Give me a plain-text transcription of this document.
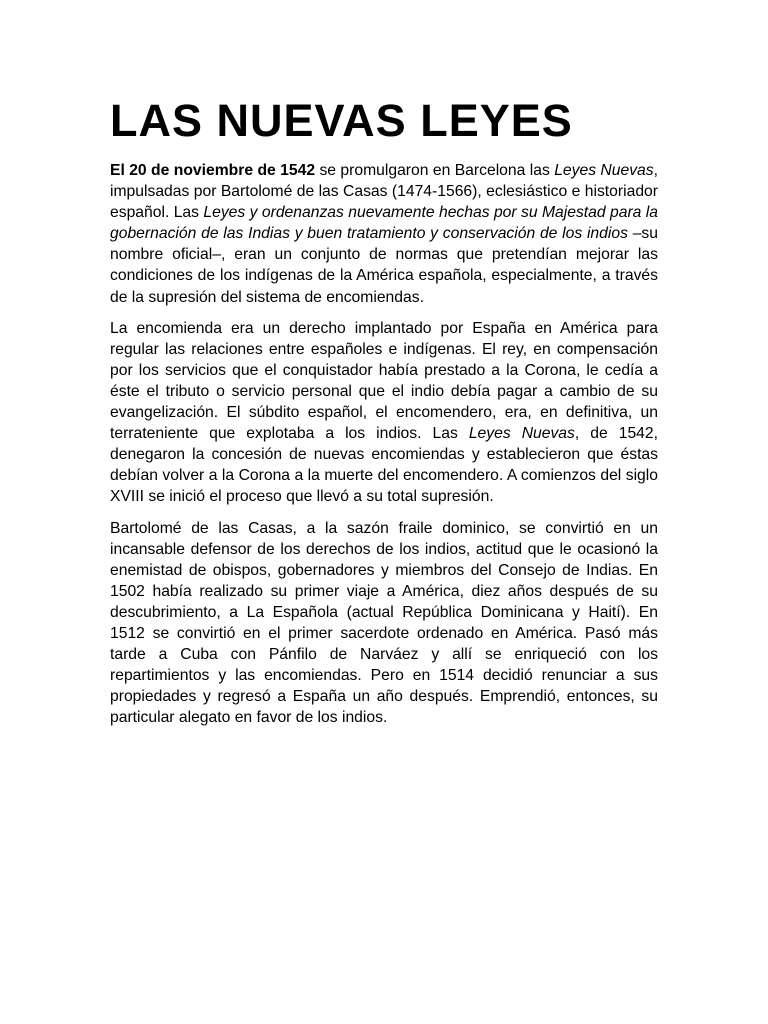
LAS NUEVAS LEYES

El 20 de noviembre de 1542 se promulgaron en Barcelona las Leyes Nuevas, impulsadas por Bartolomé de las Casas (1474-1566), eclesiástico e historiador español. Las Leyes y ordenanzas nuevamente hechas por su Majestad para la gobernación de las Indias y buen tratamiento y conservación de los indios –su nombre oficial–, eran un conjunto de normas que pretendían mejorar las condiciones de los indígenas de la América española, especialmente, a través de la supresión del sistema de encomiendas.

La encomienda era un derecho implantado por España en América para regular las relaciones entre españoles e indígenas. El rey, en compensación por los servicios que el conquistador había prestado a la Corona, le cedía a éste el tributo o servicio personal que el indio debía pagar a cambio de su evangelización. El súbdito español, el encomendero, era, en definitiva, un terrateniente que explotaba a los indios. Las Leyes Nuevas, de 1542, denegaron la concesión de nuevas encomiendas y establecieron que éstas debían volver a la Corona a la muerte del encomendero. A comienzos del siglo XVIII se inició el proceso que llevó a su total supresión.

Bartolomé de las Casas, a la sazón fraile dominico, se convirtió en un incansable defensor de los derechos de los indios, actitud que le ocasionó la enemistad de obispos, gobernadores y miembros del Consejo de Indias. En 1502 había realizado su primer viaje a América, diez años después de su descubrimiento, a La Española (actual República Dominicana y Haití). En 1512 se convirtió en el primer sacerdote ordenado en América. Pasó más tarde a Cuba con Pánfilo de Narváez y allí se enriqueció con los repartimientos y las encomiendas. Pero en 1514 decidió renunciar a sus propiedades y regresó a España un año después. Emprendió, entonces, su particular alegato en favor de los indios.
